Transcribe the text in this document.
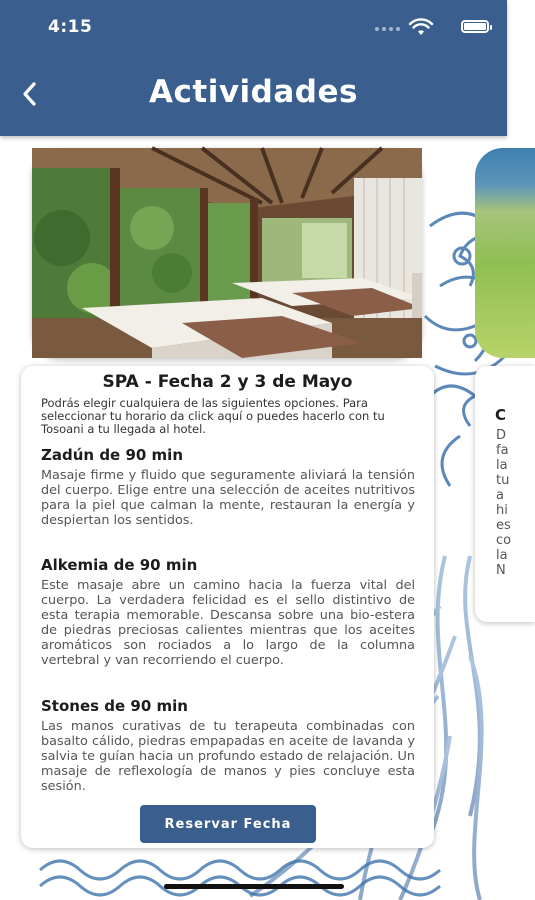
4:15
Actividades
SPA - Fecha 2 y 3 de Mayo
Podrás elegir cualquiera de las siguientes opciones. Para seleccionar tu horario da click aquí o puedes hacerlo con tu Tosoani a tu llegada al hotel.
Zadún de 90 min
Masaje firme y fluido que seguramente aliviará la tensión del cuerpo. Elige entre una selección de aceites nutritivos para la piel que calman la mente, restauran la energía y despiertan los sentidos.
Alkemia de 90 min
Este masaje abre un camino hacia la fuerza vital del cuerpo. La verdadera felicidad es el sello distintivo de esta terapia memorable. Descansa sobre una bio-estera de piedras preciosas calientes mientras que los aceites aromáticos son rociados a lo largo de la columna vertebral y van recorriendo el cuerpo.
Stones de 90 min
Las manos curativas de tu terapeuta combinadas con basalto cálido, piedras empapadas en aceite de lavanda y salvia te guían hacia un profundo estado de relajación. Un masaje de reflexología de manos y pies concluye esta sesión.
Reservar Fecha
C
D
fa
la
tu
a
hi
es
co
la
N
